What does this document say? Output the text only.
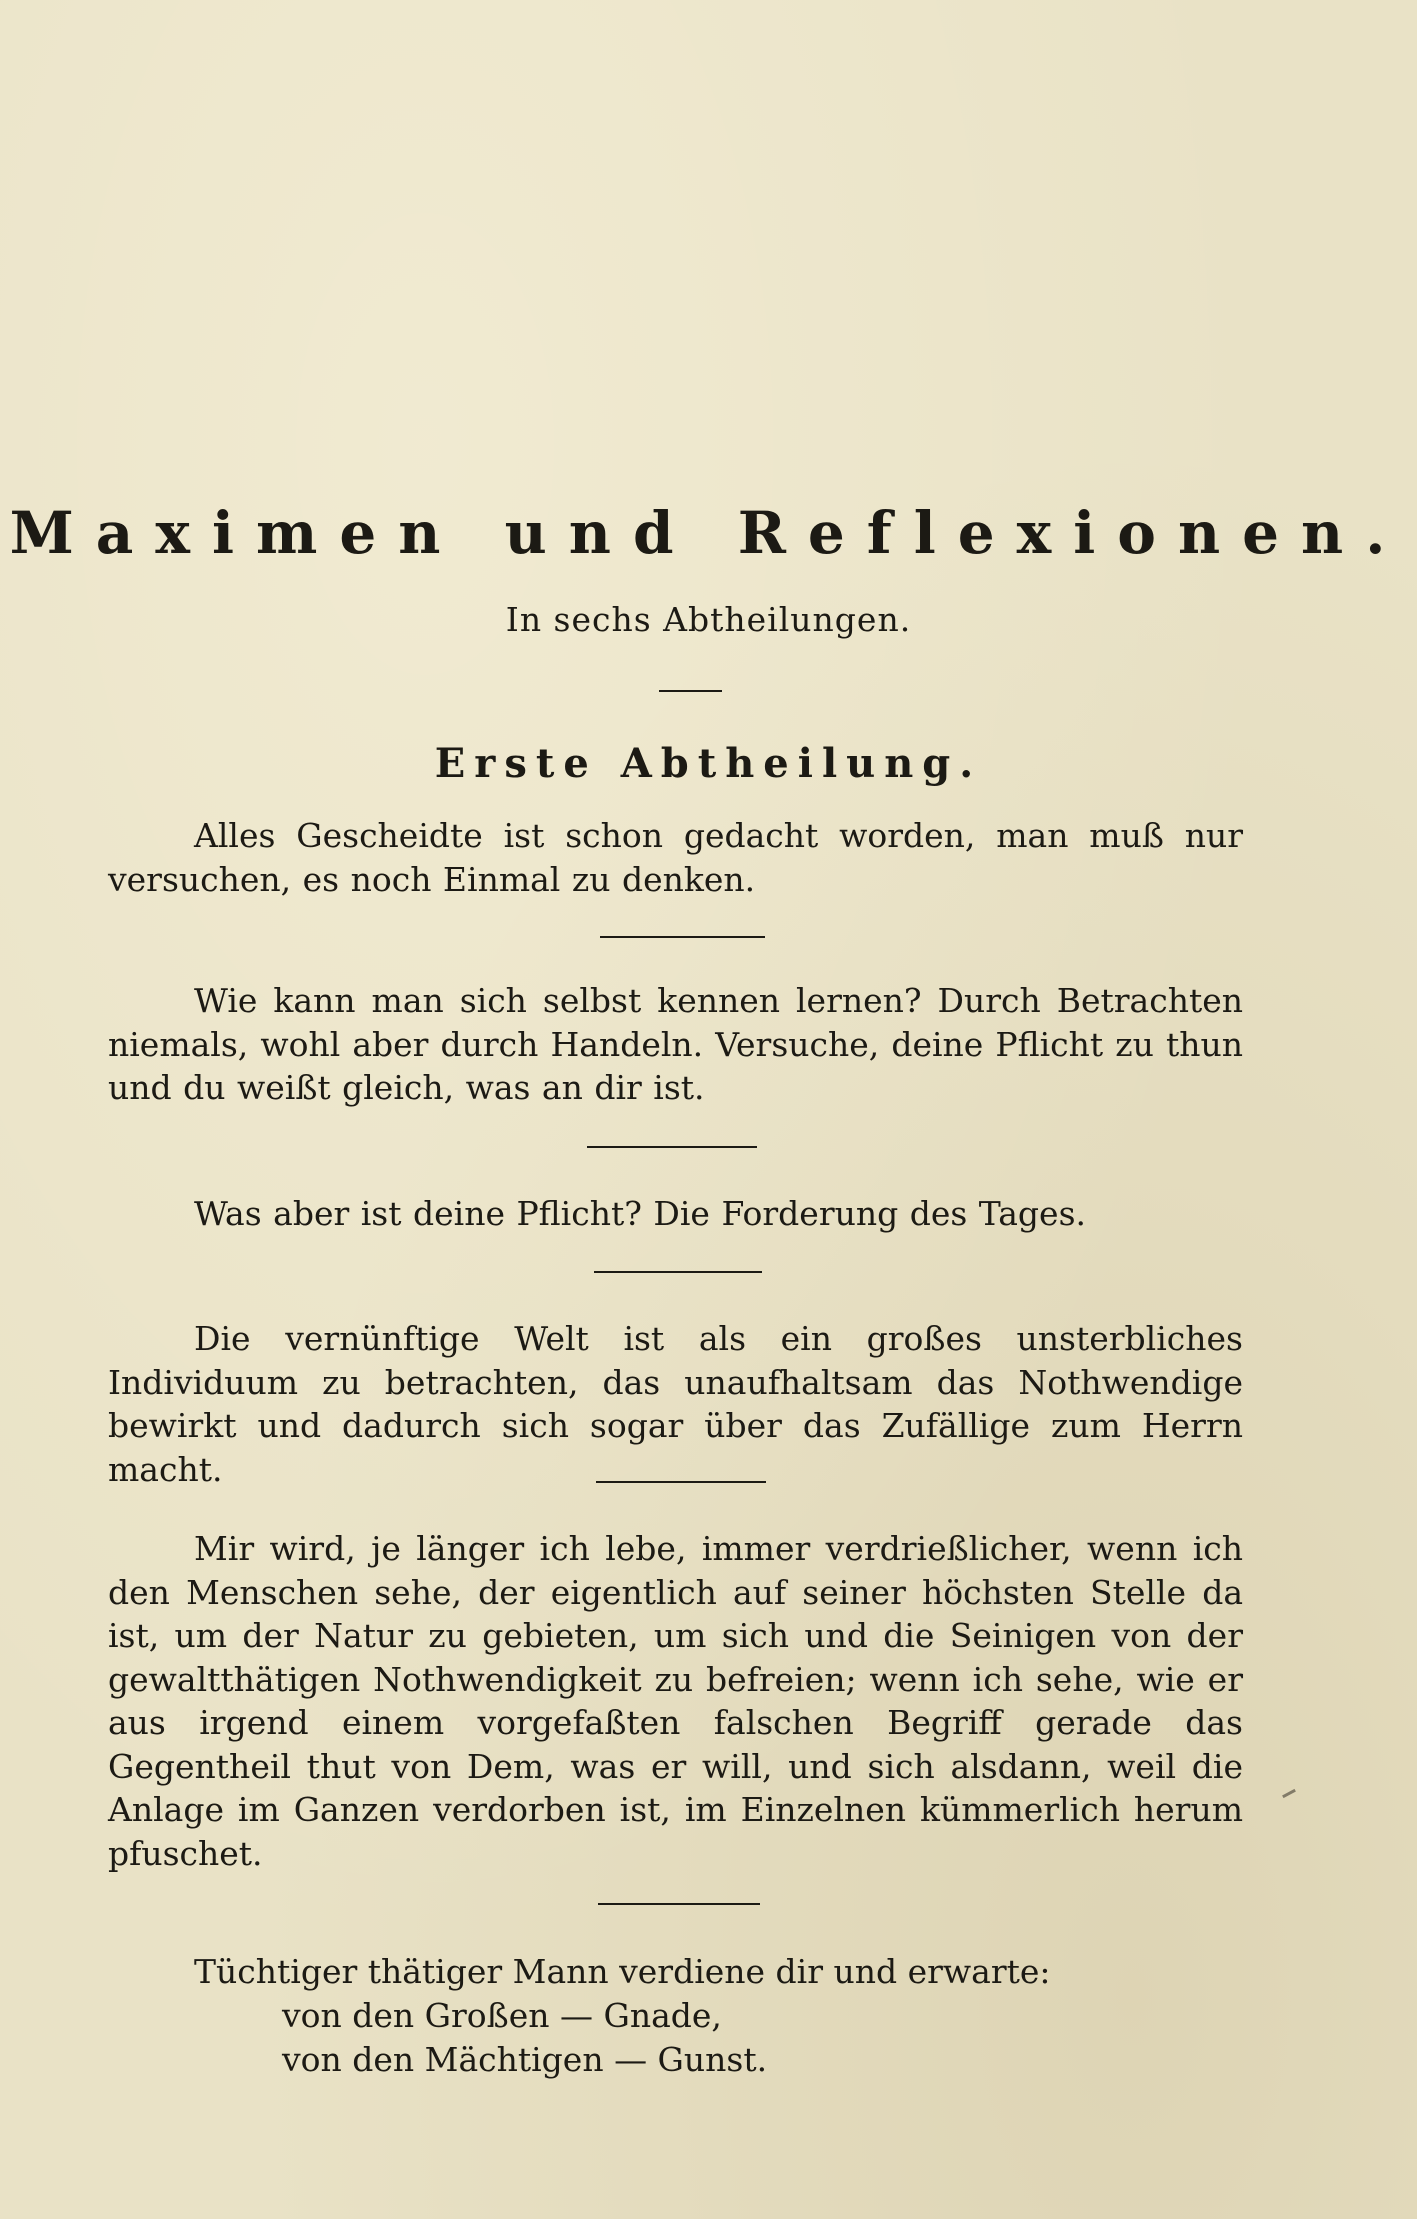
Maximen und Reflexionen.
In sechs Abtheilungen.
Erste Abtheilung.

Alles Gescheidte ist schon gedacht worden, man muß nur versuchen, es noch Einmal zu denken.

Wie kann man sich selbst kennen lernen? Durch Betrachten niemals, wohl aber durch Handeln. Versuche, deine Pflicht zu thun und du weißt gleich, was an dir ist.

Was aber ist deine Pflicht? Die Forderung des Tages.

Die vernünftige Welt ist als ein großes unsterbliches Individuum zu betrachten, das unaufhaltsam das Nothwendige bewirkt und dadurch sich sogar über das Zufällige zum Herrn macht.

Mir wird, je länger ich lebe, immer verdrießlicher, wenn ich den Menschen sehe, der eigentlich auf seiner höchsten Stelle da ist, um der Natur zu gebieten, um sich und die Seinigen von der gewaltthätigen Nothwendigkeit zu befreien; wenn ich sehe, wie er aus irgend einem vorgefaßten falschen Begriff gerade das Gegentheil thut von Dem, was er will, und sich alsdann, weil die Anlage im Ganzen verdorben ist, im Einzelnen kümmerlich herum pfuschet.

Tüchtiger thätiger Mann verdiene dir und erwarte:
von den Großen — Gnade,
von den Mächtigen — Gunst.
